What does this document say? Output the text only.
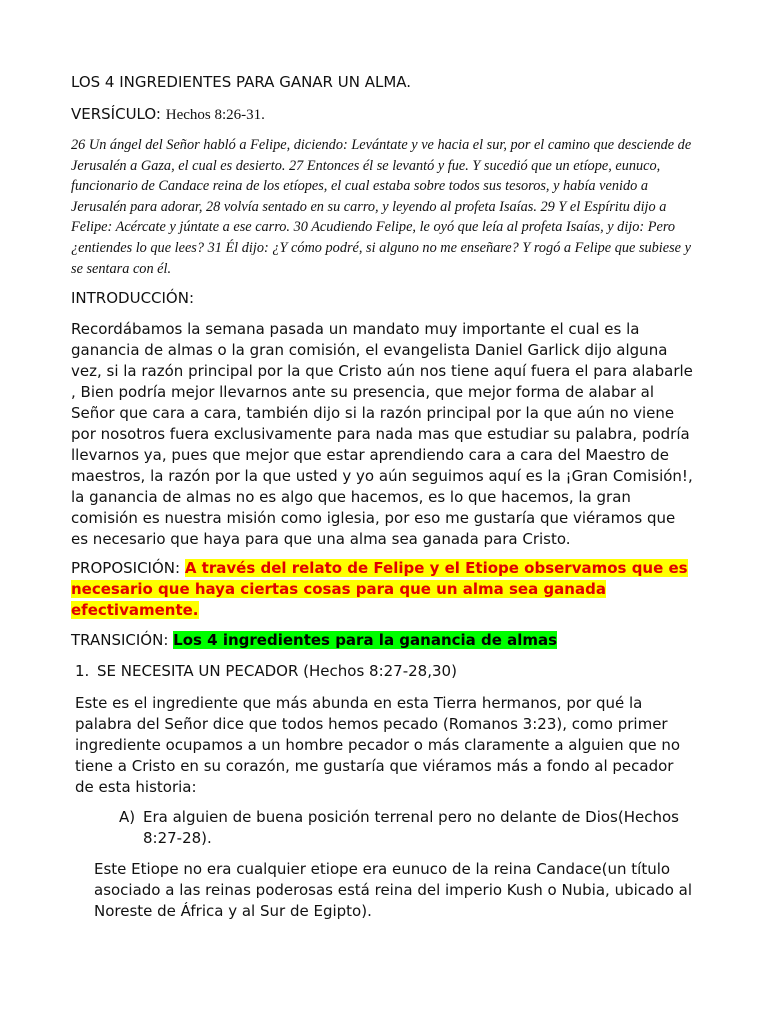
LOS 4 INGREDIENTES PARA GANAR UN ALMA.

VERSÍCULO: Hechos 8:26-31.

26 Un ángel del Señor habló a Felipe, diciendo: Levántate y ve hacia el sur, por el camino que desciende de Jerusalén a Gaza, el cual es desierto. 27 Entonces él se levantó y fue. Y sucedió que un etíope, eunuco, funcionario de Candace reina de los etíopes, el cual estaba sobre todos sus tesoros, y había venido a Jerusalén para adorar, 28 volvía sentado en su carro, y leyendo al profeta Isaías. 29 Y el Espíritu dijo a Felipe: Acércate y júntate a ese carro. 30 Acudiendo Felipe, le oyó que leía al profeta Isaías, y dijo: Pero ¿entiendes lo que lees? 31 Él dijo: ¿Y cómo podré, si alguno no me enseñare? Y rogó a Felipe que subiese y se sentara con él.

INTRODUCCIÓN:

Recordábamos la semana pasada un mandato muy importante el cual es la ganancia de almas o la gran comisión, el evangelista Daniel Garlick dijo alguna vez, si la razón principal por la que Cristo aún nos tiene aquí fuera el para alabarle , Bien podría mejor llevarnos ante su presencia, que mejor forma de alabar al Señor que cara a cara, también dijo si la razón principal por la que aún no viene por nosotros fuera exclusivamente para nada mas que estudiar su palabra, podría llevarnos ya, pues que mejor que estar aprendiendo cara a cara del Maestro de maestros, la razón por la que usted y yo aún seguimos aquí es la ¡Gran Comisión!, la ganancia de almas no es algo que hacemos, es lo que hacemos, la gran comisión es nuestra misión como iglesia, por eso me gustaría que viéramos que es necesario que haya para que una alma sea ganada para Cristo.

PROPOSICIÓN: A través del relato de Felipe y el Etiope observamos que es necesario que haya ciertas cosas para que un alma sea ganada efectivamente.

TRANSICIÓN: Los 4 ingredientes para la ganancia de almas

1. SE NECESITA UN PECADOR (Hechos 8:27-28,30)

Este es el ingrediente que más abunda en esta Tierra hermanos, por qué la palabra del Señor dice que todos hemos pecado (Romanos 3:23), como primer ingrediente ocupamos a un hombre pecador o más claramente a alguien que no tiene a Cristo en su corazón, me gustaría que viéramos más a fondo al pecador de esta historia:

A) Era alguien de buena posición terrenal pero no delante de Dios(Hechos 8:27-28).

Este Etiope no era cualquier etiope era eunuco de la reina Candace(un título asociado a las reinas poderosas está reina del imperio Kush o Nubia, ubicado al Noreste de África y al Sur de Egipto).
